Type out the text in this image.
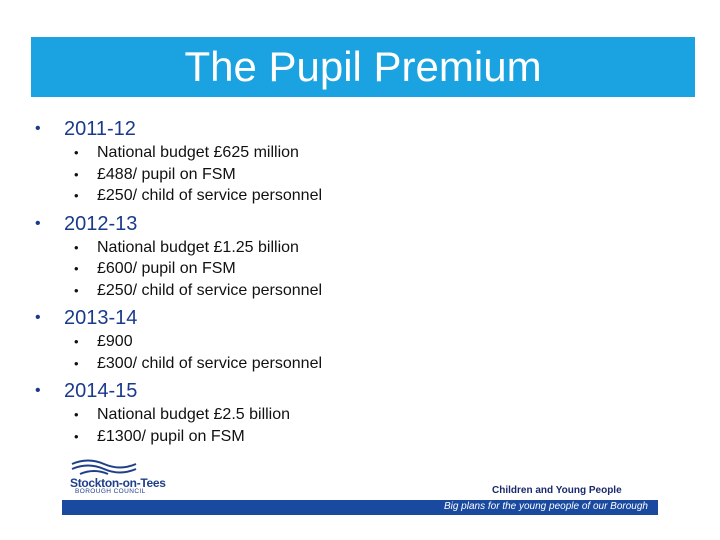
The Pupil Premium
• 2011-12
• National budget £625 million
• £488/ pupil on FSM
• £250/ child of service personnel
• 2012-13
• National budget £1.25 billion
• £600/ pupil on FSM
• £250/ child of service personnel
• 2013-14
• £900
• £300/ child of service personnel
• 2014-15
• National budget £2.5 billion
• £1300/ pupil on FSM
Stockton-on-Tees
BOROUGH COUNCIL	Children and Young People
Big plans for the young people of our Borough
